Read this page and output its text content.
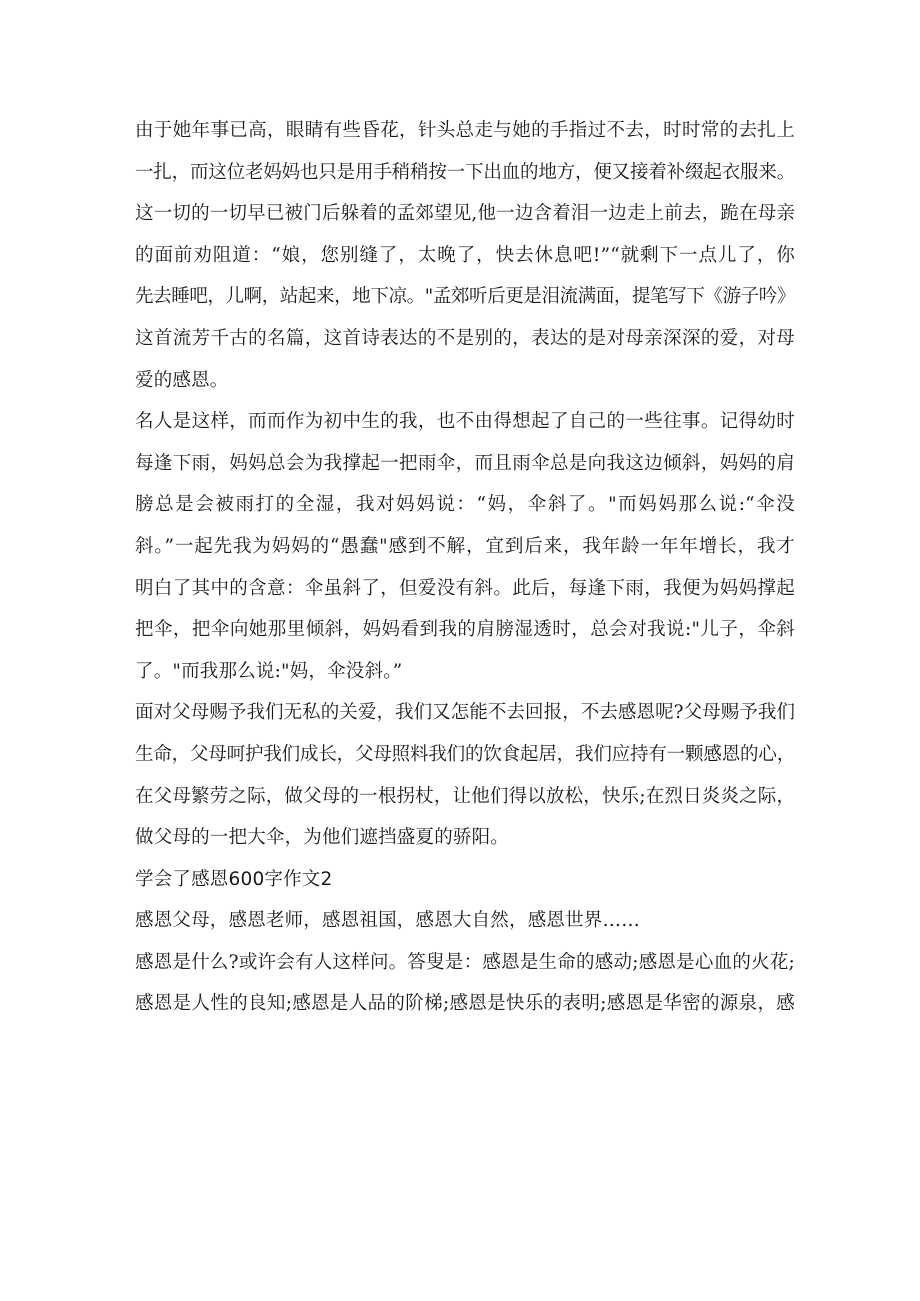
由于她年事已高，眼睛有些昏花，针头总走与她的手指过不去，时时常的去扎上
一扎，而这位老妈妈也只是用手稍稍按一下出血的地方，便又接着补缀起衣服来。
这一切的一切早已被门后躲着的孟郊望见,他一边含着泪一边走上前去，跪在母亲
的面前劝阻道：“娘，您别缝了，太晚了，快去休息吧!”“就剩下一点儿了，你
先去睡吧，儿啊，站起来，地下凉。"孟郊听后更是泪流满面，提笔写下《游子吟》
这首流芳千古的名篇，这首诗表达的不是别的，表达的是对母亲深深的爱，对母
爱的感恩。

名人是这样，而而作为初中生的我，也不由得想起了自己的一些往事。记得幼时
每逢下雨，妈妈总会为我撑起一把雨伞，而且雨伞总是向我这边倾斜，妈妈的肩
膀总是会被雨打的全湿，我对妈妈说：“妈，伞斜了。"而妈妈那么说:“伞没
斜。”一起先我为妈妈的“愚蠢"感到不解，宜到后来，我年龄一年年增长，我才
明白了其中的含意：伞虽斜了，但爱没有斜。此后，每逢下雨，我便为妈妈撑起
把伞，把伞向她那里倾斜，妈妈看到我的肩膀湿透时，总会对我说:"儿子，伞斜
了。"而我那么说:"妈，伞没斜。”

面对父母赐予我们无私的关爱，我们又怎能不去回报，不去感恩呢?父母赐予我们
生命，父母呵护我们成长，父母照料我们的饮食起居，我们应持有一颗感恩的心，
在父母繁劳之际，做父母的一根拐杖，让他们得以放松，快乐;在烈日炎炎之际，
做父母的一把大伞，为他们遮挡盛夏的骄阳。

学会了感恩600字作文2

感恩父母，感恩老师，感恩祖国，感恩大自然，感恩世界……

感恩是什么?或许会有人这样问。答叟是：感恩是生命的感动;感恩是心血的火花;
感恩是人性的良知;感恩是人品的阶梯;感恩是快乐的表明;感恩是华密的源泉，感
